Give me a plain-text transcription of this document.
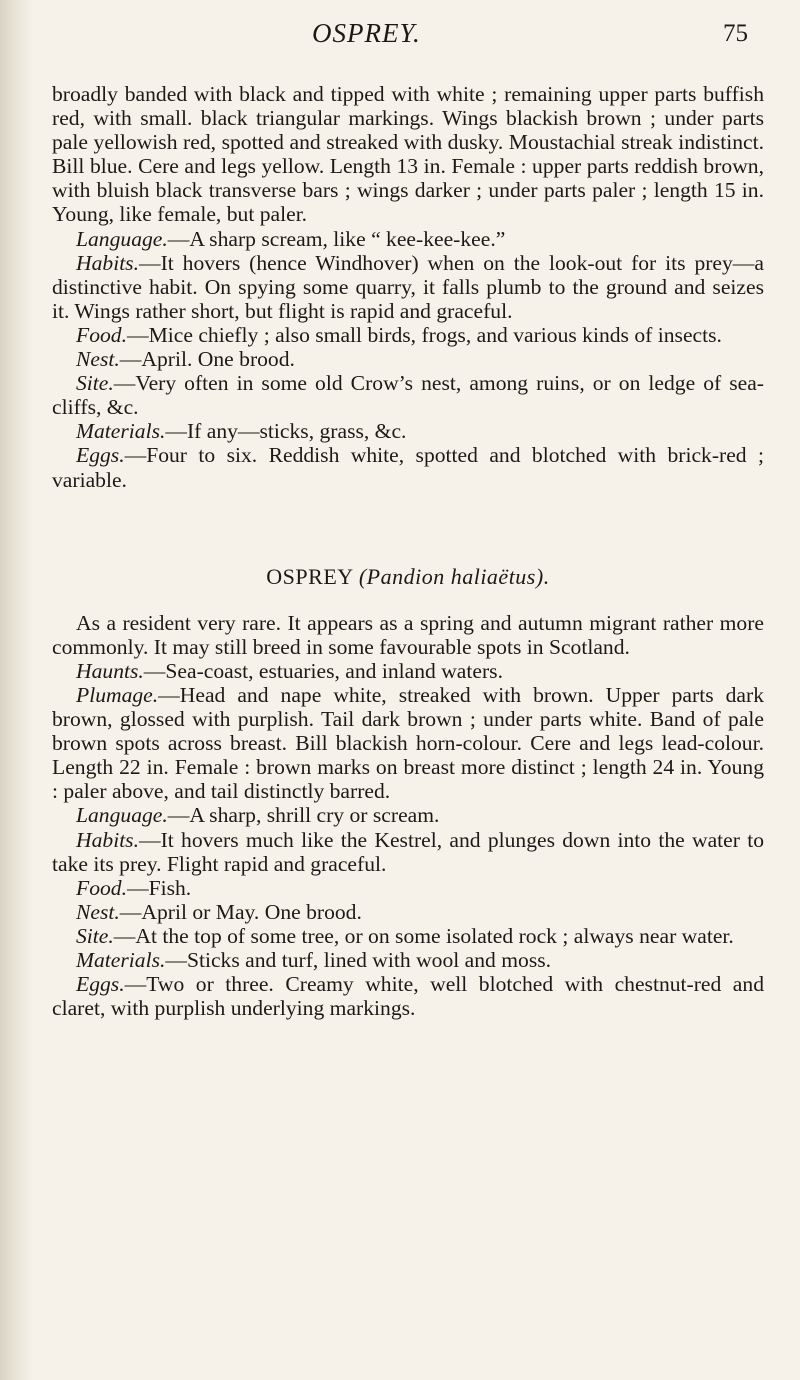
OSPREY.	75

broadly banded with black and tipped with white ; remaining upper parts buffish red, with small. black triangular markings. Wings blackish brown ; under parts pale yellowish red, spotted and streaked with dusky. Moustachial streak indistinct. Bill blue. Cere and legs yellow. Length 13 in. Female : upper parts reddish brown, with bluish black transverse bars ; wings darker ; under parts paler ; length 15 in. Young, like female, but paler.

Language.—A sharp scream, like “ kee-kee-kee.”

Habits.—It hovers (hence Windhover) when on the look-out for its prey—a distinctive habit. On spying some quarry, it falls plumb to the ground and seizes it. Wings rather short, but flight is rapid and graceful.

Food.—Mice chiefly ; also small birds, frogs, and various kinds of insects.

Nest.—April. One brood.

Site.—Very often in some old Crow’s nest, among ruins, or on ledge of sea-cliffs, &c.

Materials.—If any—sticks, grass, &c.

Eggs.—Four to six. Reddish white, spotted and blotched with brick-red ; variable.

OSPREY (Pandion haliaëtus).

As a resident very rare. It appears as a spring and autumn migrant rather more commonly. It may still breed in some favourable spots in Scotland.

Haunts.—Sea-coast, estuaries, and inland waters.

Plumage.—Head and nape white, streaked with brown. Upper parts dark brown, glossed with purplish. Tail dark brown ; under parts white. Band of pale brown spots across breast. Bill blackish horn-colour. Cere and legs lead-colour. Length 22 in. Female : brown marks on breast more distinct ; length 24 in. Young : paler above, and tail distinctly barred.

Language.—A sharp, shrill cry or scream.

Habits.—It hovers much like the Kestrel, and plunges down into the water to take its prey. Flight rapid and graceful.

Food.—Fish.

Nest.—April or May. One brood.

Site.—At the top of some tree, or on some isolated rock ; always near water.

Materials.—Sticks and turf, lined with wool and moss.

Eggs.—Two or three. Creamy white, well blotched with chestnut-red and claret, with purplish underlying markings.
